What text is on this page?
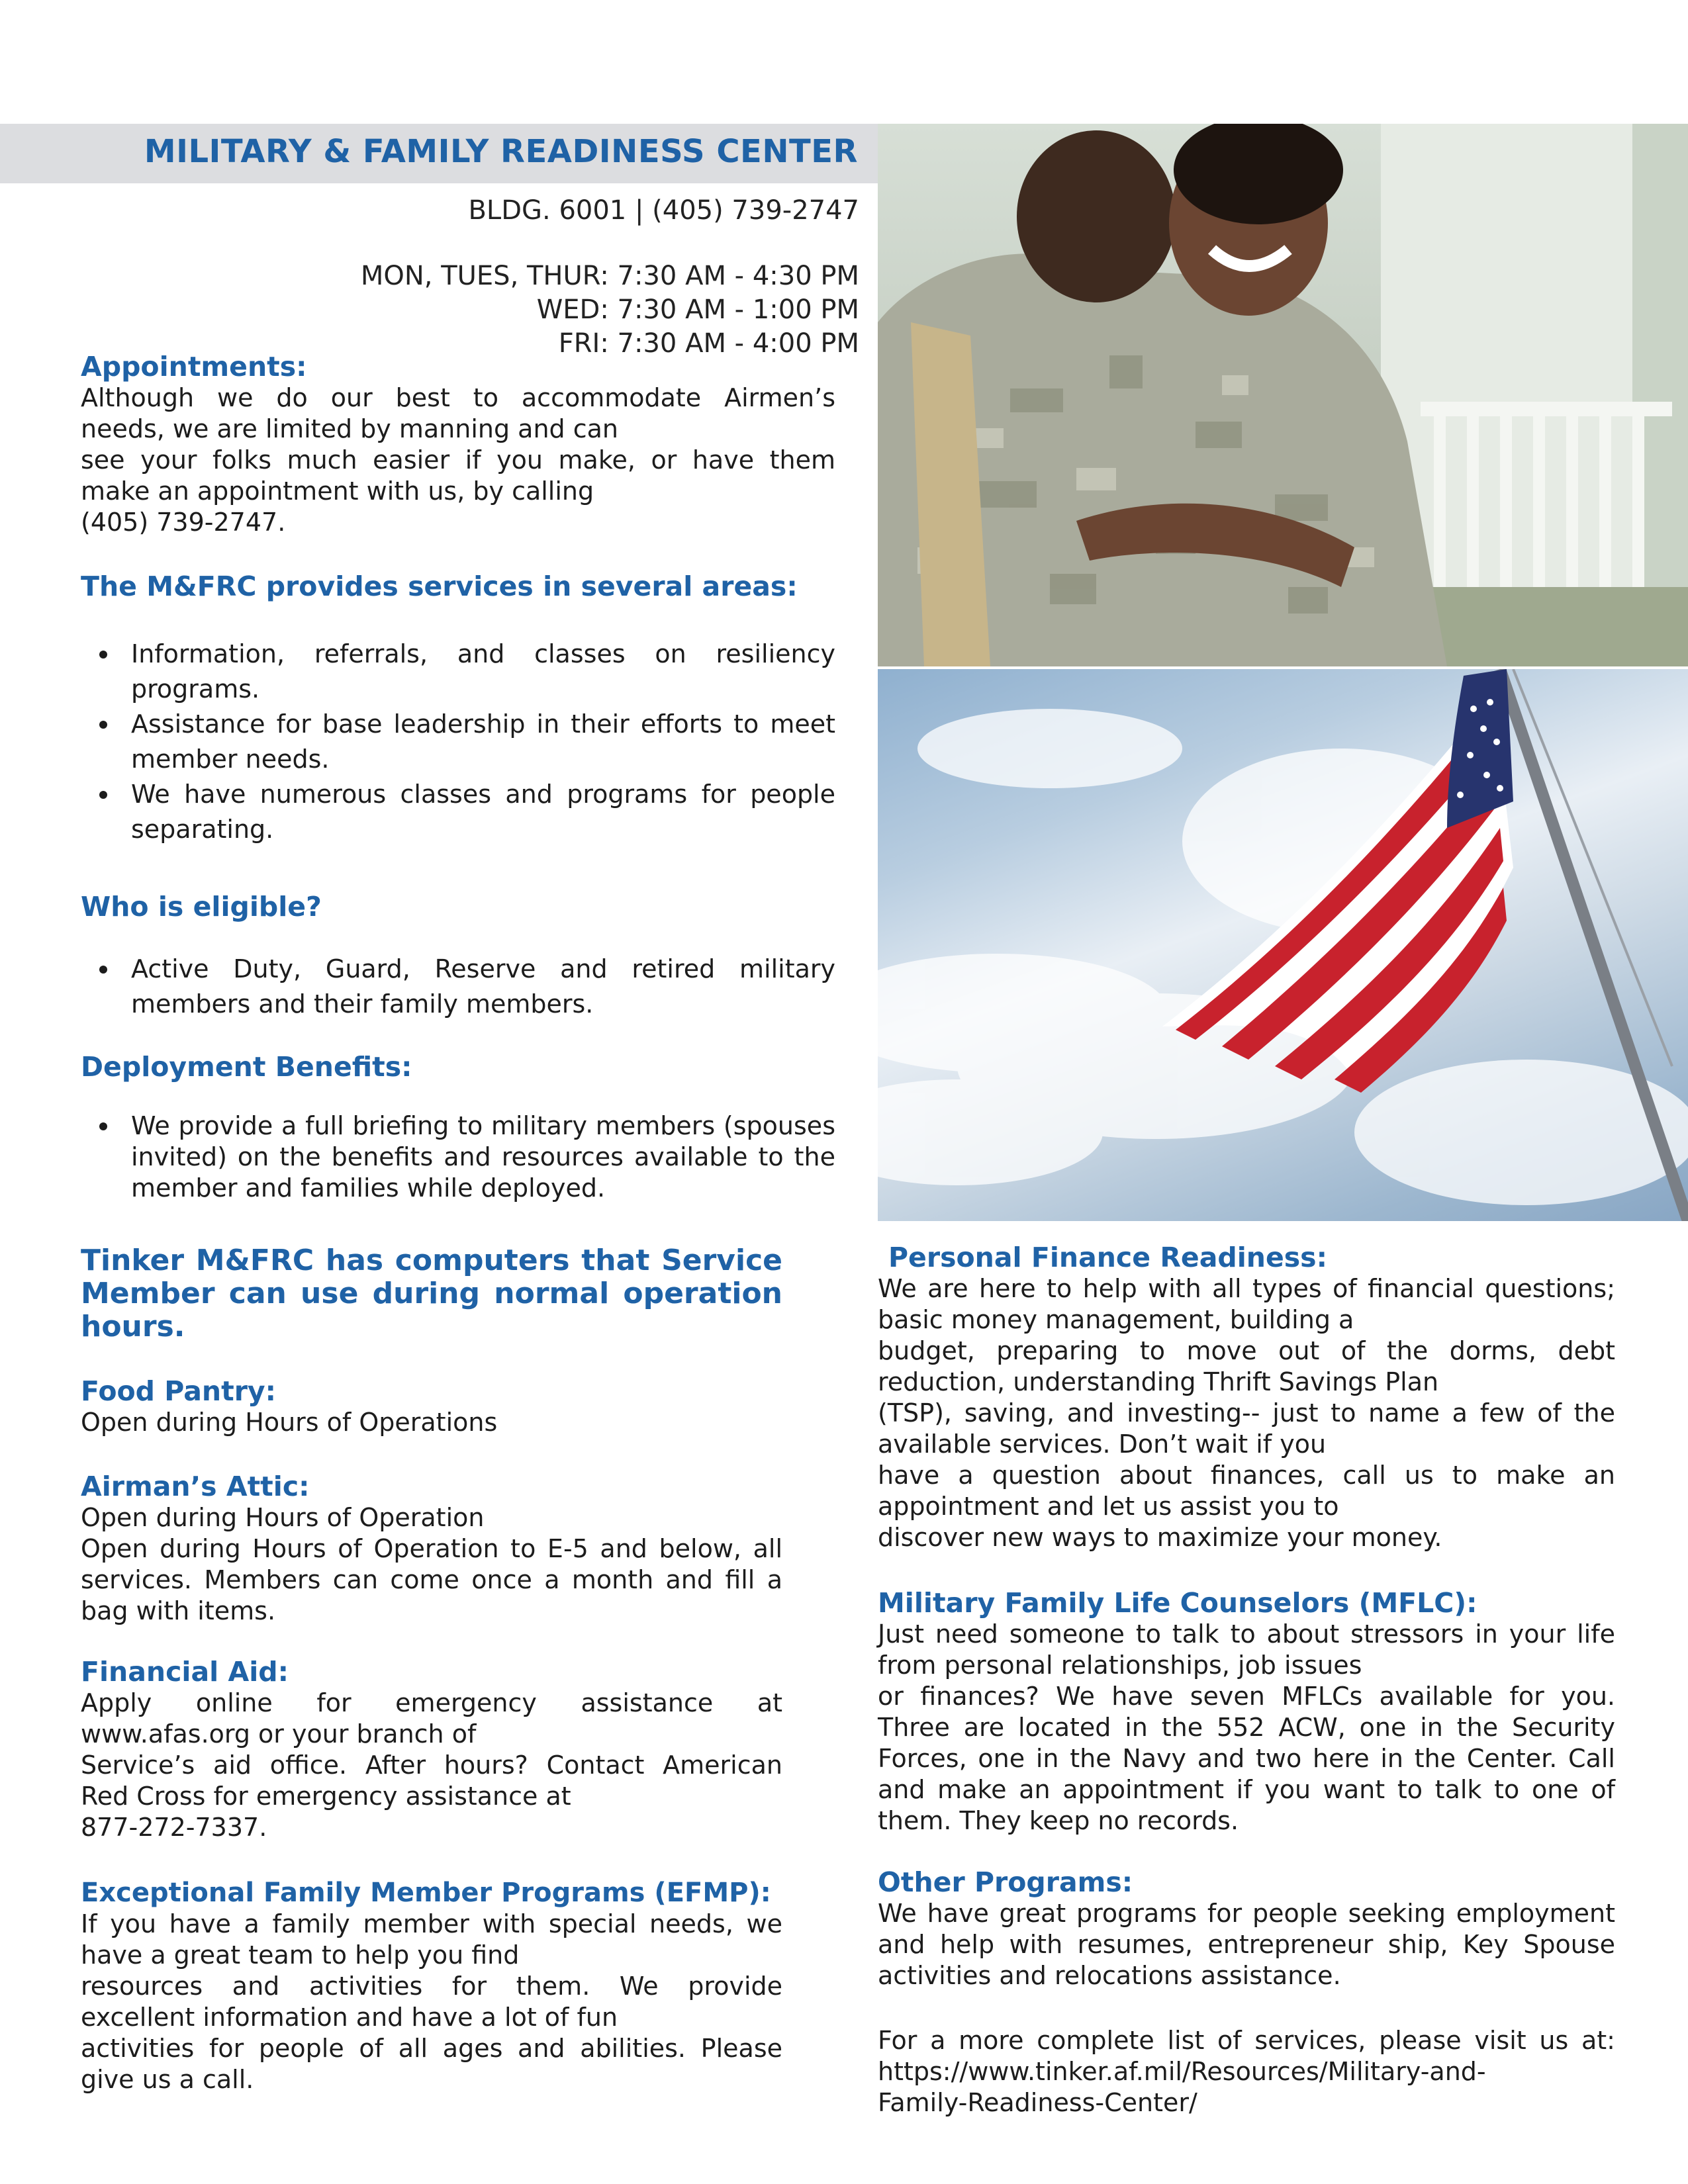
MILITARY & FAMILY READINESS CENTER
BLDG. 6001 | (405) 739-2747
MON, TUES, THUR: 7:30 AM - 4:30 PM
WED: 7:30 AM - 1:00 PM
FRI: 7:30 AM - 4:00 PM
Appointments:
Although we do our best to accommodate Airmen’s
needs, we are limited by manning and can
see your folks much easier if you make, or have them
make an appointment with us, by calling
(405) 739-2747.
The M&FRC provides services in several areas:
Information, referrals, and classes on resiliency programs.
Assistance for base leadership in their efforts to meet member needs.
We have numerous classes and programs for people separating.
Who is eligible?
Active Duty, Guard, Reserve and retired military members and their family members.
Deployment Benefits:
We provide a full briefing to military members (spouses invited) on the benefits and resources available to the member and families while deployed.
Tinker M&FRC has computers that Service Member can use during normal operation hours.
Food Pantry:
Open during Hours of Operations
Airman’s Attic:
Open during Hours of Operation
Open during Hours of Operation to E-5 and below, all services. Members can come once a month and fill a bag with items.
Financial Aid:
Apply online for emergency assistance at
www.afas.org or your branch of
Service’s aid office. After hours? Contact American
Red Cross for emergency assistance at
877-272-7337.
Exceptional Family Member Programs (EFMP):
If you have a family member with special needs, we
have a great team to help you find
resources and activities for them. We provide
excellent information and have a lot of fun
activities for people of all ages and abilities. Please
give us a call.
Personal Finance Readiness:
We are here to help with all types of financial questions;
basic money management, building a
budget, preparing to move out of the dorms, debt
reduction, understanding Thrift Savings Plan
(TSP), saving, and investing-- just to name a few of the
available services. Don’t wait if you
have a question about finances, call us to make an
appointment and let us assist you to
discover new ways to maximize your money.
Military Family Life Counselors (MFLC):
Just need someone to talk to about stressors in your life
from personal relationships, job issues
or finances? We have seven MFLCs available for you. Three are located in the 552 ACW, one in the Security Forces, one in the Navy and two here in the Center. Call and make an appointment if you want to talk to one of them. They keep no records.
Other Programs:
We have great programs for people seeking employment and help with resumes, entrepreneur ship, Key Spouse activities and relocations assistance.
For a more complete list of services, please visit us at:
https://www.tinker.af.mil/Resources/Military-and-
Family-Readiness-Center/
